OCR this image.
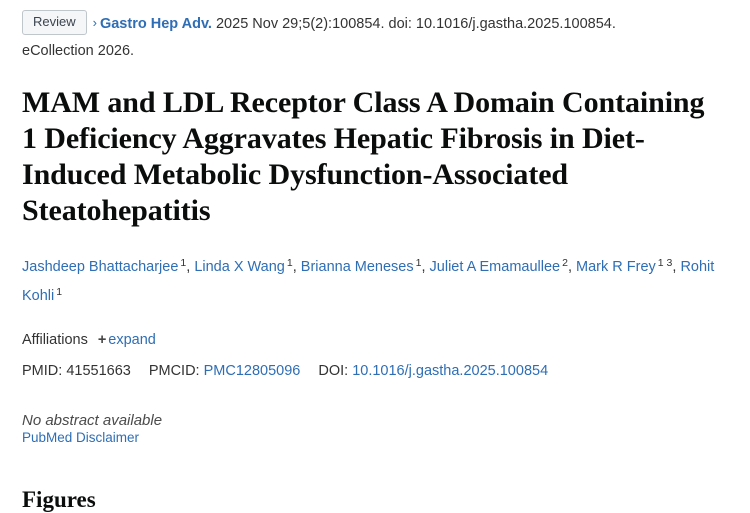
Review › Gastro Hep Adv. 2025 Nov 29;5(2):100854. doi: 10.1016/j.gastha.2025.100854.
eCollection 2026.
MAM and LDL Receptor Class A Domain Containing 1 Deficiency Aggravates Hepatic Fibrosis in Diet-Induced Metabolic Dysfunction-Associated Steatohepatitis
Jashdeep Bhattacharjee $^1$, Linda X Wang $^1$, Brianna Meneses $^1$, Juliet A Emamaullee $^2$, Mark R Frey $^{1 3}$, Rohit Kohli $^1$
Affiliations + expand
PMID: 41551663 PMCID: PMC12805096 DOI: 10.1016/j.gastha.2025.100854
No abstract available
PubMed Disclaimer
Figures
